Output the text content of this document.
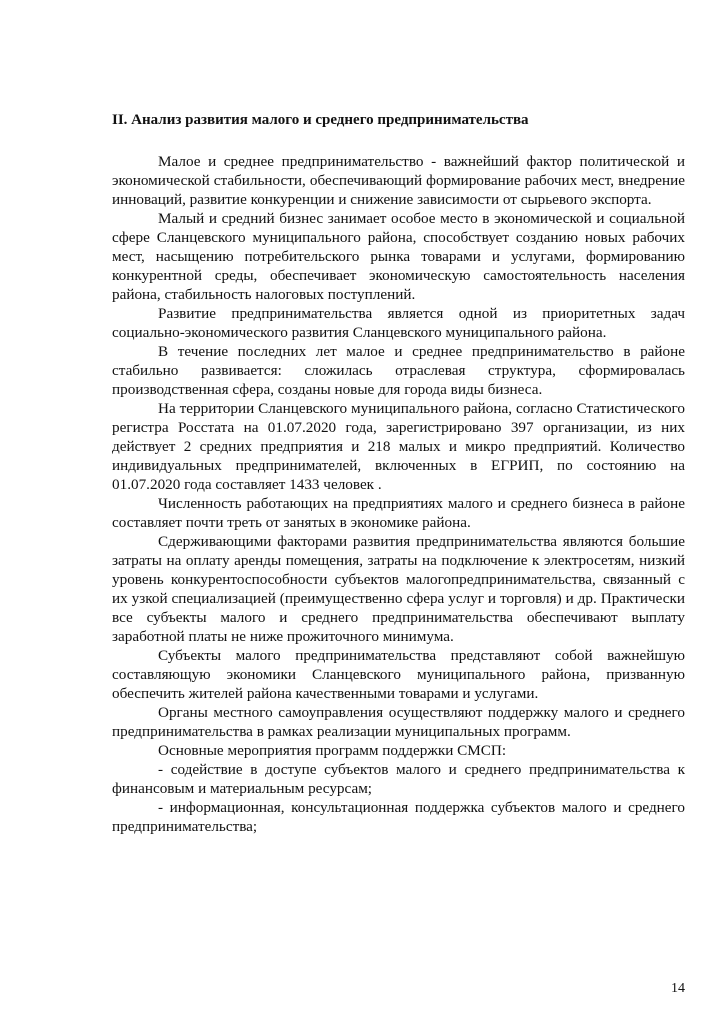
II. Анализ развития малого и среднего предпринимательства

Малое и среднее предпринимательство - важнейший фактор политической и экономической стабильности, обеспечивающий формирование рабочих мест, внедрение инноваций, развитие конкуренции и снижение зависимости от сырьевого экспорта.

Малый и средний бизнес занимает особое место в экономической и социальной сфере Сланцевского муниципального района, способствует созданию новых рабочих мест, насыщению потребительского рынка товарами и услугами, формированию конкурентной среды, обеспечивает экономическую самостоятельность населения района, стабильность налоговых поступлений.

Развитие предпринимательства является одной из приоритетных задач социально-экономического развития Сланцевского муниципального района.

В течение последних лет малое и среднее предпринимательство в районе стабильно развивается: сложилась отраслевая структура, сформировалась производственная сфера, созданы новые для города виды бизнеса.

На территории Сланцевского муниципального района, согласно Статистического регистра Росстата на 01.07.2020 года, зарегистрировано 397 организации, из них действует 2 средних предприятия и 218 малых и микро предприятий. Количество индивидуальных предпринимателей, включенных в ЕГРИП, по состоянию на 01.07.2020 года составляет 1433 человек .

Численность работающих на предприятиях малого и среднего бизнеса в районе составляет почти треть от занятых в экономике района.

Сдерживающими факторами развития предпринимательства являются большие затраты на оплату аренды помещения, затраты на подключение к электросетям, низкий уровень конкурентоспособности субъектов малогопредпринимательства, связанный с их узкой специализацией (преимущественно сфера услуг и торговля) и др. Практически все субъекты малого и среднего предпринимательства обеспечивают выплату заработной платы не ниже прожиточного минимума.

Субъекты малого предпринимательства представляют собой важнейшую составляющую экономики Сланцевского муниципального района, призванную обеспечить жителей района качественными товарами и услугами.

Органы местного самоуправления осуществляют поддержку малого и среднего предпринимательства в рамках реализации муниципальных программ.

Основные мероприятия программ поддержки СМСП:

- содействие в доступе субъектов малого и среднего предпринимательства к финансовым и материальным ресурсам;

- информационная, консультационная поддержка субъектов малого и среднего предпринимательства;

14
